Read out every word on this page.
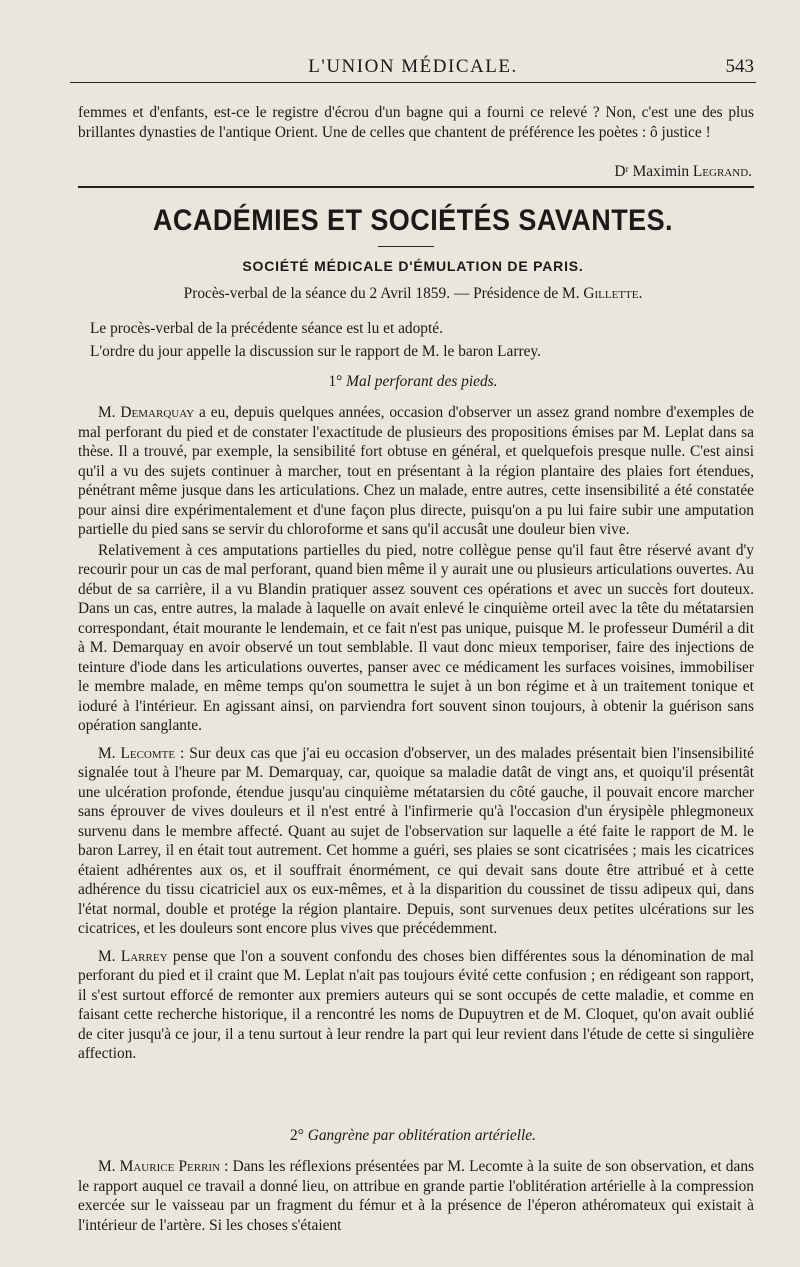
L'UNION MÉDICALE.	543
femmes et d'enfants, est-ce le registre d'écrou d'un bagne qui a fourni ce relevé ? Non, c'est une des plus brillantes dynasties de l'antique Orient. Une de celles que chantent de préférence les poètes : ô justice !
Dʳ Maximin Legrand.
ACADÉMIES ET SOCIÉTÉS SAVANTES.
SOCIÉTÉ MÉDICALE D'ÉMULATION DE PARIS.
Procès-verbal de la séance du 2 Avril 1859. — Présidence de M. Gillette.
Le procès-verbal de la précédente séance est lu et adopté.
L'ordre du jour appelle la discussion sur le rapport de M. le baron Larrey.
1° Mal perforant des pieds.

M. Demarquay a eu, depuis quelques années, occasion d'observer un assez grand nombre d'exemples de mal perforant du pied et de constater l'exactitude de plusieurs des propositions émises par M. Leplat dans sa thèse. Il a trouvé, par exemple, la sensibilité fort obtuse en général, et quelquefois presque nulle. C'est ainsi qu'il a vu des sujets continuer à marcher, tout en présentant à la région plantaire des plaies fort étendues, pénétrant même jusque dans les articulations. Chez un malade, entre autres, cette insensibilité a été constatée pour ainsi dire expérimentalement et d'une façon plus directe, puisqu'on a pu lui faire subir une amputation partielle du pied sans se servir du chloroforme et sans qu'il accusât une douleur bien vive.

Relativement à ces amputations partielles du pied, notre collègue pense qu'il faut être réservé avant d'y recourir pour un cas de mal perforant, quand bien même il y aurait une ou plusieurs articulations ouvertes. Au début de sa carrière, il a vu Blandin pratiquer assez souvent ces opérations et avec un succès fort douteux. Dans un cas, entre autres, la malade à laquelle on avait enlevé le cinquième orteil avec la tête du métatarsien correspondant, était mourante le lendemain, et ce fait n'est pas unique, puisque M. le professeur Duméril a dit à M. Demarquay en avoir observé un tout semblable. Il vaut donc mieux temporiser, faire des injections de teinture d'iode dans les articulations ouvertes, panser avec ce médicament les surfaces voisines, immobiliser le membre malade, en même temps qu'on soumettra le sujet à un bon régime et à un traitement tonique et ioduré à l'intérieur. En agissant ainsi, on parviendra fort souvent sinon toujours, à obtenir la guérison sans opération sanglante.

M. Lecomte : Sur deux cas que j'ai eu occasion d'observer, un des malades présentait bien l'insensibilité signalée tout à l'heure par M. Demarquay, car, quoique sa maladie datât de vingt ans, et quoiqu'il présentât une ulcération profonde, étendue jusqu'au cinquième métatarsien du côté gauche, il pouvait encore marcher sans éprouver de vives douleurs et il n'est entré à l'infirmerie qu'à l'occasion d'un érysipèle phlegmoneux survenu dans le membre affecté. Quant au sujet de l'observation sur laquelle a été faite le rapport de M. le baron Larrey, il en était tout autrement. Cet homme a guéri, ses plaies se sont cicatrisées ; mais les cicatrices étaient adhérentes aux os, et il souffrait énormément, ce qui devait sans doute être attribué et à cette adhérence du tissu cicatriciel aux os eux-mêmes, et à la disparition du coussinet de tissu adipeux qui, dans l'état normal, double et protége la région plantaire. Depuis, sont survenues deux petites ulcérations sur les cicatrices, et les douleurs sont encore plus vives que précédemment.

M. Larrey pense que l'on a souvent confondu des choses bien différentes sous la dénomination de mal perforant du pied et il craint que M. Leplat n'ait pas toujours évité cette confusion ; en rédigeant son rapport, il s'est surtout efforcé de remonter aux premiers auteurs qui se sont occupés de cette maladie, et comme en faisant cette recherche historique, il a rencontré les noms de Dupuytren et de M. Cloquet, qu'on avait oublié de citer jusqu'à ce jour, il a tenu surtout à leur rendre la part qui leur revient dans l'étude de cette si singulière affection.

2° Gangrène par oblitération artérielle.

M. Maurice Perrin : Dans les réflexions présentées par M. Lecomte à la suite de son observation, et dans le rapport auquel ce travail a donné lieu, on attribue en grande partie l'oblitération artérielle à la compression exercée sur le vaisseau par un fragment du fémur et à la présence de l'éperon athéromateux qui existait à l'intérieur de l'artère. Si les choses s'étaient
